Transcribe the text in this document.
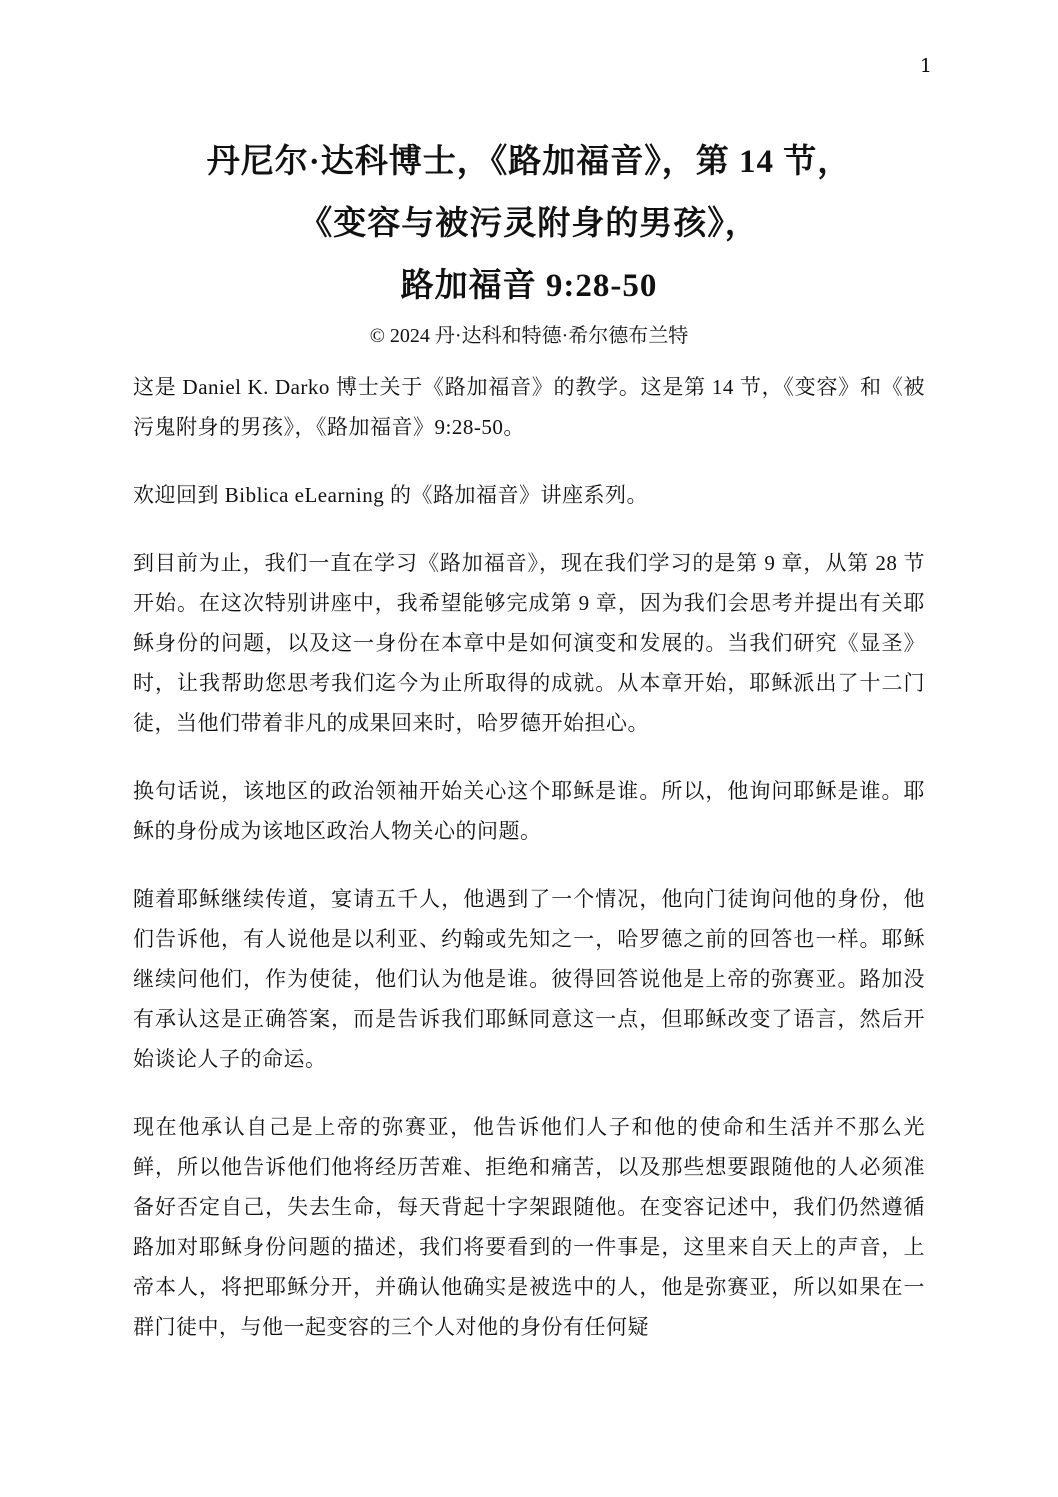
1
丹尼尔·达科博士，《路加福音》，第 14 节，
《变容与被污灵附身的男孩》，
路加福音 9:28-50
© 2024 丹·达科和特德·希尔德布兰特

这是 Daniel K. Darko 博士关于《路加福音》的教学。这是第 14 节，《变容》和《被污鬼附身的男孩》，《路加福音》9:28-50。

欢迎回到 Biblica eLearning 的《路加福音》讲座系列。

到目前为止，我们一直在学习《路加福音》，现在我们学习的是第 9 章，从第 28 节开始。在这次特别讲座中，我希望能够完成第 9 章，因为我们会思考并提出有关耶稣身份的问题，以及这一身份在本章中是如何演变和发展的。当我们研究《显圣》时，让我帮助您思考我们迄今为止所取得的成就。从本章开始，耶稣派出了十二门徒，当他们带着非凡的成果回来时，哈罗德开始担心。

换句话说，该地区的政治领袖开始关心这个耶稣是谁。所以，他询问耶稣是谁。耶稣的身份成为该地区政治人物关心的问题。

随着耶稣继续传道，宴请五千人，他遇到了一个情况，他向门徒询问他的身份，他们告诉他，有人说他是以利亚、约翰或先知之一，哈罗德之前的回答也一样。耶稣继续问他们，作为使徒，他们认为他是谁。彼得回答说他是上帝的弥赛亚。路加没有承认这是正确答案，而是告诉我们耶稣同意这一点，但耶稣改变了语言，然后开始谈论人子的命运。

现在他承认自己是上帝的弥赛亚，他告诉他们人子和他的使命和生活并不那么光鲜，所以他告诉他们他将经历苦难、拒绝和痛苦，以及那些想要跟随他的人必须准备好否定自己，失去生命，每天背起十字架跟随他。在变容记述中，我们仍然遵循路加对耶稣身份问题的描述，我们将要看到的一件事是，这里来自天上的声音，上帝本人，将把耶稣分开，并确认他确实是被选中的人，他是弥赛亚，所以如果在一群门徒中，与他一起变容的三个人对他的身份有任何疑
